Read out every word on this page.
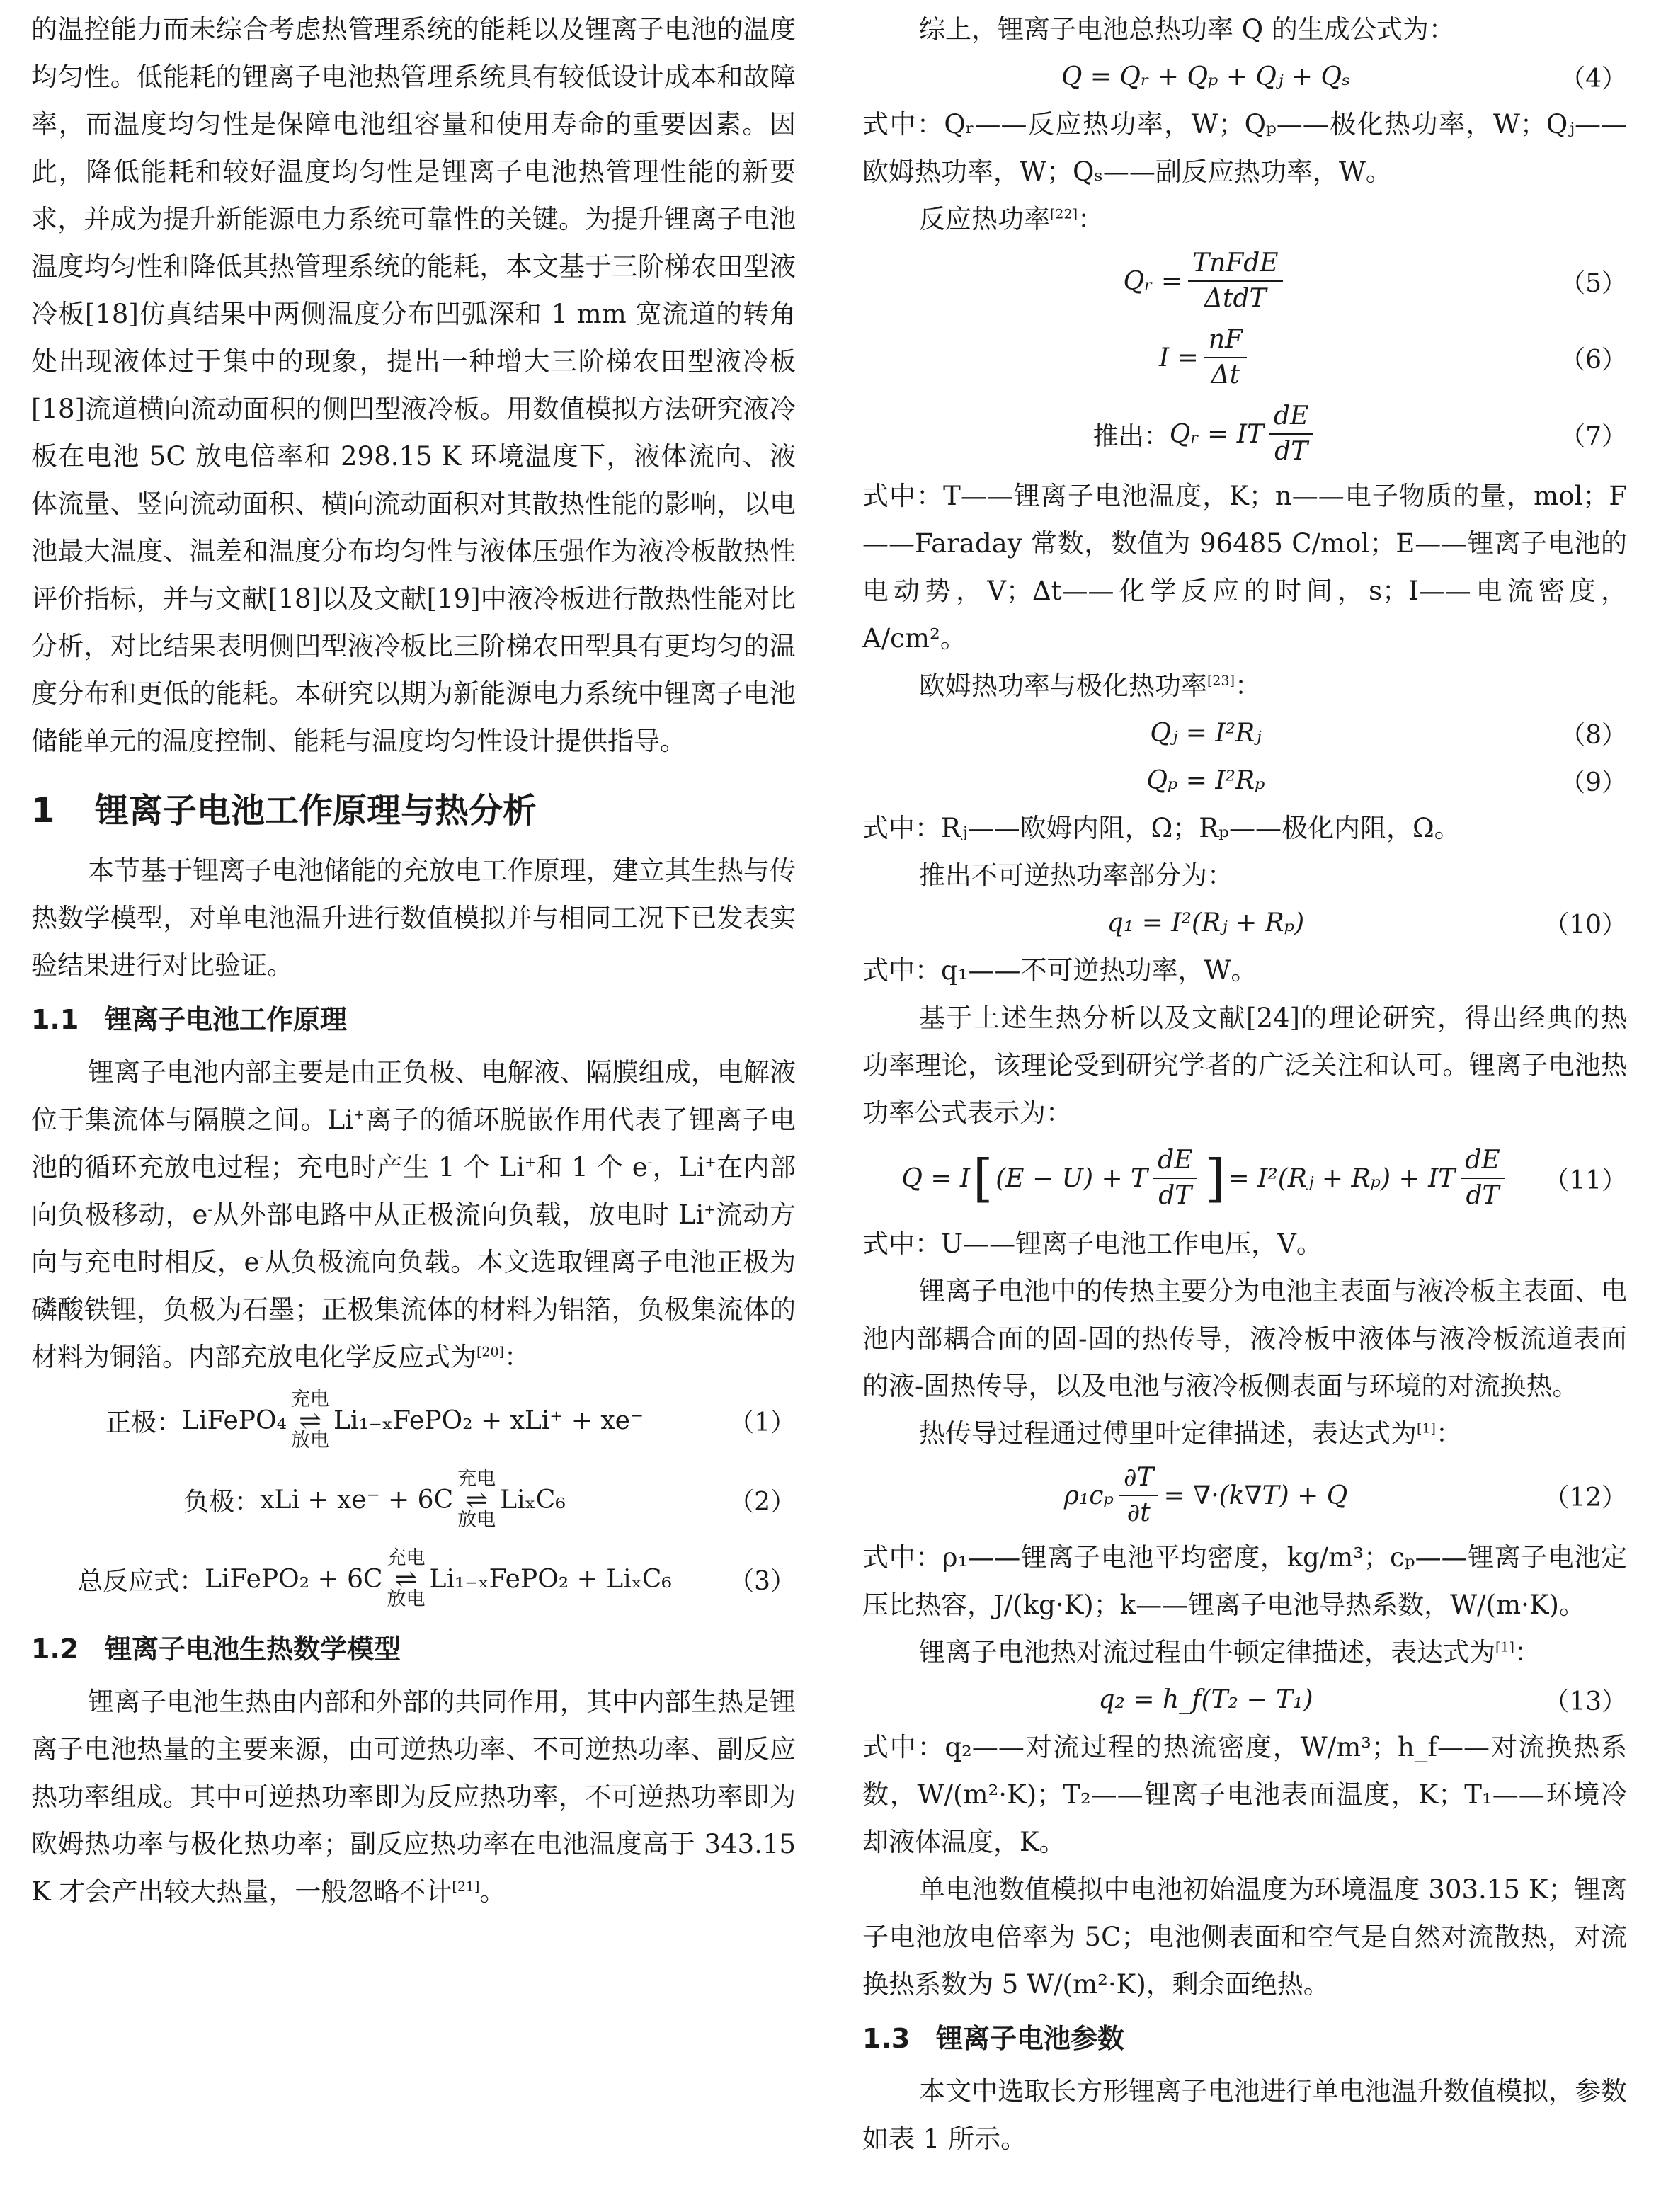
的温控能力而未综合考虑热管理系统的能耗以及锂离子电池的温度均匀性。低能耗的锂离子电池热管理系统具有较低设计成本和故障率，而温度均匀性是保障电池组容量和使用寿命的重要因素。因此，降低能耗和较好温度均匀性是锂离子电池热管理性能的新要求，并成为提升新能源电力系统可靠性的关键。为提升锂离子电池温度均匀性和降低其热管理系统的能耗，本文基于三阶梯农田型液冷板[18]仿真结果中两侧温度分布凹弧深和 1 mm 宽流道的转角处出现液体过于集中的现象，提出一种增大三阶梯农田型液冷板[18]流道横向流动面积的侧凹型液冷板。用数值模拟方法研究液冷板在电池 5C 放电倍率和 298.15 K 环境温度下，液体流向、液体流量、竖向流动面积、横向流动面积对其散热性能的影响，以电池最大温度、温差和温度分布均匀性与液体压强作为液冷板散热性评价指标，并与文献[18]以及文献[19]中液冷板进行散热性能对比分析，对比结果表明侧凹型液冷板比三阶梯农田型具有更均匀的温度分布和更低的能耗。本研究以期为新能源电力系统中锂离子电池储能单元的温度控制、能耗与温度均匀性设计提供指导。

1 锂离子电池工作原理与热分析

本节基于锂离子电池储能的充放电工作原理，建立其生热与传热数学模型，对单电池温升进行数值模拟并与相同工况下已发表实验结果进行对比验证。

1.1 锂离子电池工作原理

锂离子电池内部主要是由正负极、电解液、隔膜组成，电解液位于集流体与隔膜之间。Li+离子的循环脱嵌作用代表了锂离子电池的循环充放电过程；充电时产生 1 个 Li+和 1 个 e-，Li+在内部向负极移动，e-从外部电路中从正极流向负载，放电时 Li+流动方向与充电时相反，e-从负极流向负载。本文选取锂离子电池正极为磷酸铁锂，负极为石墨；正极集流体的材料为铝箔，负极集流体的材料为铜箔。内部充放电化学反应式为[20]：

正极： LiFePO₄
充电
⇌
放电
Li₁₋ₓFePO₂ + xLi⁺ + xe⁻	（1）
负极： xLi + xe⁻ + 6C
充电
⇌
放电
LiₓC₆	（2）
总反应式： LiFePO₂ + 6C
充电
⇌
放电
Li₁₋ₓFePO₂ + LiₓC₆ （3）
1.2 锂离子电池生热数学模型

锂离子电池生热由内部和外部的共同作用，其中内部生热是锂离子电池热量的主要来源，由可逆热功率、不可逆热功率、副反应热功率组成。其中可逆热功率即为反应热功率，不可逆热功率即为欧姆热功率与极化热功率；副反应热功率在电池温度高于 343.15 K 才会产出较大热量，一般忽略不计[21]。

综上，锂离子电池总热功率 Q 的生成公式为：

Q = Qᵣ + Qₚ + Qⱼ + Qₛ	（4）

式中：Qᵣ——反应热功率，W；Qₚ——极化热功率，W；Qⱼ——欧姆热功率，W；Qₛ——副反应热功率，W。

反应热功率[22]：

Qᵣ = $\frac{\text{TnFdE}}{\text{ΔtdT}}$	（5）
$I = \frac{nF}{\Delta t}$	（6）
推出： Qᵣ = IT $\frac{dE}{dT}$	（7）

式中：T——锂离子电池温度，K；n——电子物质的量，mol；F——Faraday 常数，数值为 96485 C/mol；E——锂离子电池的电动势，V；Δt——化学反应的时间，s；I——电流密度，A/cm²。

欧姆热功率与极化热功率[23]：

Qⱼ = I²Rⱼ	（8）
Qₚ = I²Rₚ	（9）

式中：Rⱼ——欧姆内阻，Ω；Rₚ——极化内阻，Ω。

推出不可逆热功率部分为：

q₁ = I²(Rⱼ + Rₚ)	（10）

式中：q₁——不可逆热功率，W。

基于上述生热分析以及文献[24]的理论研究，得出经典的热功率理论，该理论受到研究学者的广泛关注和认可。锂离子电池热功率公式表示为：

Q = I [ (E − U) + T $\frac{dE}{dT}$ ] = I²(Rⱼ + Rₚ) + IT $\frac{dE}{dT} (11)$

式中：U——锂离子电池工作电压，V。

锂离子电池中的传热主要分为电池主表面与液冷板主表面、电池内部耦合面的固-固的热传导，液冷板中液体与液冷板流道表面的液-固热传导，以及电池与液冷板侧表面与环境的对流换热。

热传导过程通过傅里叶定律描述，表达式为[1]：

$\rho_1c_p \frac{\partial T}{\partial t} = \nabla\cdot(k\nabla T) + Q$	（12）

式中：ρ₁——锂离子电池平均密度，kg/m³；cₚ——锂离子电池定压比热容，J/(kg·K)；k——锂离子电池导热系数，W/(m·K)。

锂离子电池热对流过程由牛顿定律描述，表达式为[1]：

q₂ = h_f(T₂ − T₁)	（13）

式中：q₂——对流过程的热流密度，W/m³；h_f——对流换热系数，W/(m²·K)；T₂——锂离子电池表面温度，K；T₁——环境冷却液体温度，K。

单电池数值模拟中电池初始温度为环境温度 303.15 K；锂离子电池放电倍率为 5C；电池侧表面和空气是自然对流散热，对流换热系数为 5 W/(m²·K)，剩余面绝热。

1.3 锂离子电池参数

本文中选取长方形锂离子电池进行单电池温升数值模拟，参数如表 1 所示。
